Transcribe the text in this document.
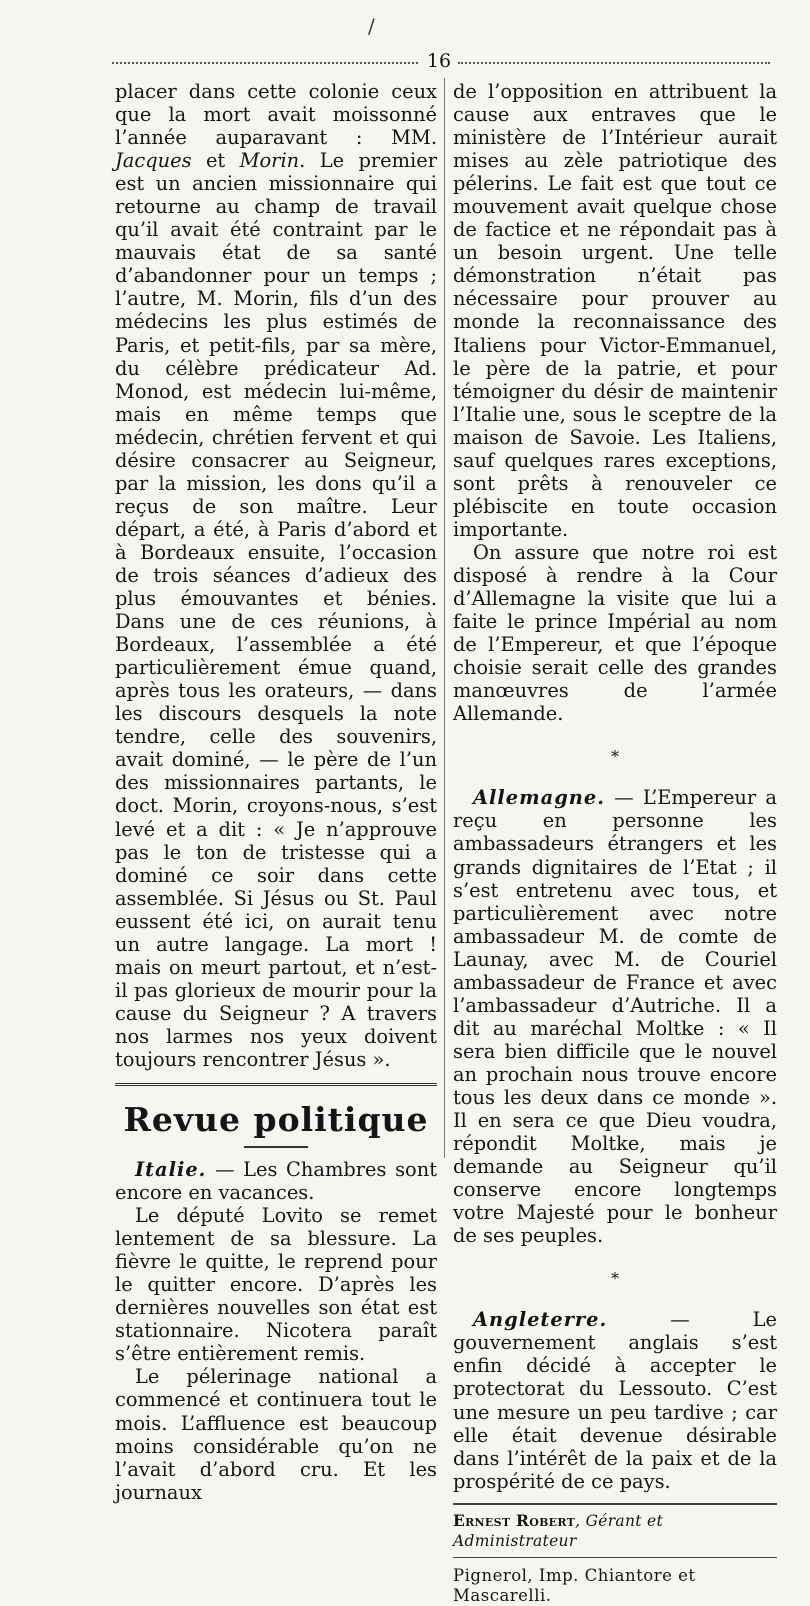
/
16

placer dans cette colonie ceux que la mort avait moissonné l’année auparavant : MM. Jacques et Morin. Le premier est un ancien missionnaire qui retourne au champ de travail qu’il avait été contraint par le mauvais état de sa santé d’abandonner pour un temps ; l’autre, M. Morin, fils d’un des médecins les plus estimés de Paris, et petit-fils, par sa mère, du célèbre prédicateur Ad. Monod, est médecin lui-même, mais en même temps que médecin, chrétien fervent et qui désire consacrer au Seigneur, par la mission, les dons qu’il a reçus de son maître. Leur départ, a été, à Paris d’abord et à Bordeaux ensuite, l’occasion de trois séances d’adieux des plus émouvantes et bénies. Dans une de ces réunions, à Bordeaux, l’assemblée a été particulièrement émue quand, après tous les orateurs, — dans les discours desquels la note tendre, celle des souvenirs, avait dominé, — le père de l’un des missionnaires partants, le doct. Morin, croyons-nous, s’est levé et a dit : « Je n’approuve pas le ton de tristesse qui a dominé ce soir dans cette assemblée. Si Jésus ou St. Paul eussent été ici, on aurait tenu un autre langage. La mort ! mais on meurt partout, et n’est-il pas glorieux de mourir pour la cause du Seigneur ? A travers nos larmes nos yeux doivent toujours rencontrer Jésus ».

Revue politique

Italie. — Les Chambres sont encore en vacances.

Le député Lovito se remet lentement de sa blessure. La fièvre le quitte, le reprend pour le quitter encore. D’après les dernières nouvelles son état est stationnaire. Nicotera paraît s’être entièrement remis.

Le pélerinage national a commencé et continuera tout le mois. L’affluence est beaucoup moins considérable qu’on ne l’avait d’abord cru. Et les journaux

de l’opposition en attribuent la cause aux entraves que le ministère de l’Intérieur aurait mises au zèle patriotique des pélerins. Le fait est que tout ce mouvement avait quelque chose de factice et ne répondait pas à un besoin urgent. Une telle démonstration n’était pas nécessaire pour prouver au monde la reconnaissance des Italiens pour Victor-Emmanuel, le père de la patrie, et pour témoigner du désir de maintenir l’Italie une, sous le sceptre de la maison de Savoie. Les Italiens, sauf quelques rares exceptions, sont prêts à renouveler ce plébiscite en toute occasion importante.

On assure que notre roi est disposé à rendre à la Cour d’Allemagne la visite que lui a faite le prince Impérial au nom de l’Empereur, et que l’époque choisie serait celle des grandes manœuvres de l’armée Allemande.

*

Allemagne. — L’Empereur a reçu en personne les ambassadeurs étrangers et les grands dignitaires de l’Etat ; il s’est entretenu avec tous, et particulièrement avec notre ambassadeur M. de comte de Launay, avec M. de Couriel ambassadeur de France et avec l’ambassadeur d’Autriche. Il a dit au maréchal Moltke : « Il sera bien difficile que le nouvel an prochain nous trouve encore tous les deux dans ce monde ». Il en sera ce que Dieu voudra, répondit Moltke, mais je demande au Seigneur qu’il conserve encore longtemps votre Majesté pour le bonheur de ses peuples.

*

Angleterre. — Le gouvernement anglais s’est enfin décidé à accepter le protectorat du Lessouto. C’est une mesure un peu tardive ; car elle était devenue désirable dans l’intérêt de la paix et de la prospérité de ce pays.

Ernest Robert, Gérant et Administrateur
Pignerol, Imp. Chiantore et Mascarelli.
